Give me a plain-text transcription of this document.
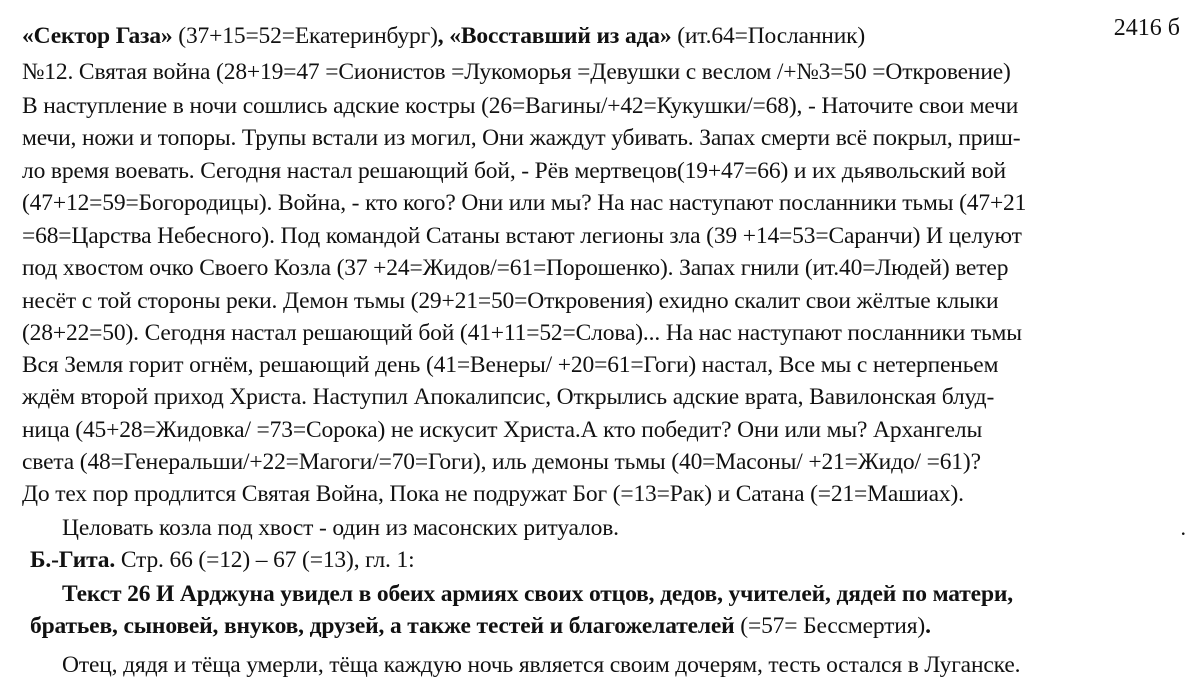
2416 б
«Сектор Газа» (37+15=52=Екатеринбург), «Восставший из ада» (ит.64=Посланник)
№12. Святая война (28+19=47 =Сионистов =Лукоморья =Девушки с веслом /+№3=50 =Откровение)
В наступление в ночи сошлись адские костры (26=Вагины/+42=Кукушки/=68), - Наточите свои мечи
мечи, ножи и топоры. Трупы встали из могил, Они жаждут убивать. Запах смерти всё покрыл, приш-
ло время воевать. Сегодня настал решающий бой, - Рёв мертвецов(19+47=66) и их дьявольский вой
(47+12=59=Богородицы). Война, - кто кого? Они или мы? На нас наступают посланники тьмы (47+21
=68=Царства Небесного). Под командой Сатаны встают легионы зла (39 +14=53=Саранчи) И целуют
под хвостом очко Своего Козла (37 +24=Жидов/=61=Порошенко). Запах гнили (ит.40=Людей) ветер
несёт с той стороны реки. Демон тьмы (29+21=50=Откровения) ехидно скалит свои жёлтые клыки
(28+22=50). Сегодня настал решающий бой (41+11=52=Слова)... На нас наступают посланники тьмы
Вся Земля горит огнём, решающий день (41=Венеры/ +20=61=Гоги) настал, Все мы с нетерпеньем
ждём второй приход Христа. Наступил Апокалипсис, Открылись адские врата, Вавилонская блуд-
ница (45+28=Жидовка/ =73=Сорока) не искусит Христа.А кто победит? Они или мы? Архангелы
света (48=Генеральши/+22=Магоги/=70=Гоги), иль демоны тьмы (40=Масоны/ +21=Жидо/ =61)?
До тех пор продлится Святая Война, Пока не подружат Бог (=13=Рак) и Сатана (=21=Машиах).
Целовать козла под хвост - один из масонских ритуалов.	.
Б.-Гита. Стр. 66 (=12) – 67 (=13), гл. 1:
Текст 26 И Арджуна увидел в обеих армиях своих отцов, дедов, учителей, дядей по матери,
братьев, сыновей, внуков, друзей, а также тестей и благожелателей (=57= Бессмертия).
Отец, дядя и тёща умерли, тёща каждую ночь является своим дочерям, тесть остался в Луганске.
